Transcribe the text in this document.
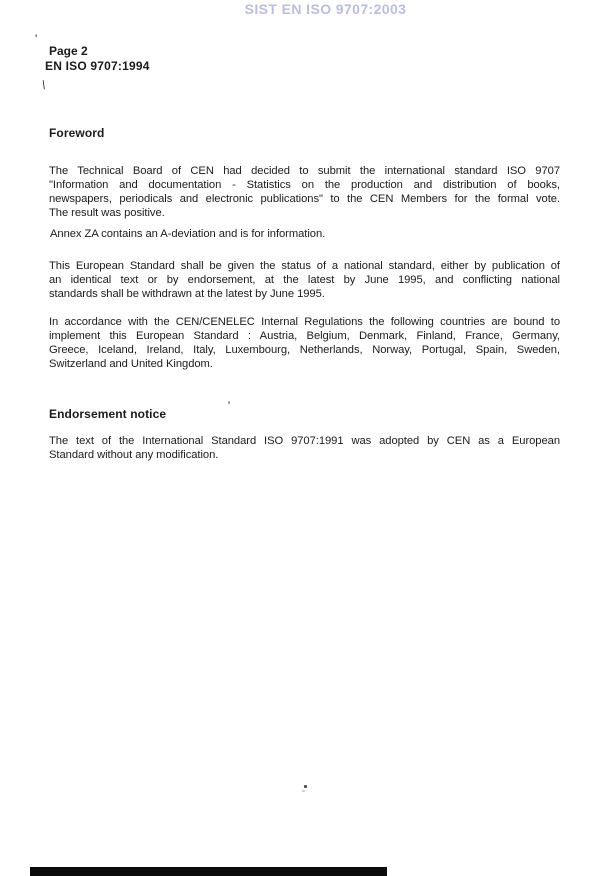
SIST EN ISO 9707:2003
'
Page 2
EN ISO 9707:1994
\
Foreword
The Technical Board of CEN had decided to submit the international standard ISO 9707
"Information and documentation - Statistics on the production and distribution of books,
newspapers, periodicals and electronic publications" to the CEN Members for the formal vote.
The result was positive.
Annex ZA contains an A-deviation and is for information.
This European Standard shall be given the status of a national standard, either by publication of
an identical text or by endorsement, at the latest by June 1995, and conflicting national
standards shall be withdrawn at the latest by June 1995.
In accordance with the CEN/CENELEC Internal Regulations the following countries are bound to
implement this European Standard : Austria, Belgium, Denmark, Finland, France, Germany,
Greece, Iceland, Ireland, Italy, Luxembourg, Netherlands, Norway, Portugal, Spain, Sweden,
Switzerland and United Kingdom.
Endorsement notice
The text of the International Standard ISO 9707:1991 was adopted by CEN as a European
Standard without any modification.
